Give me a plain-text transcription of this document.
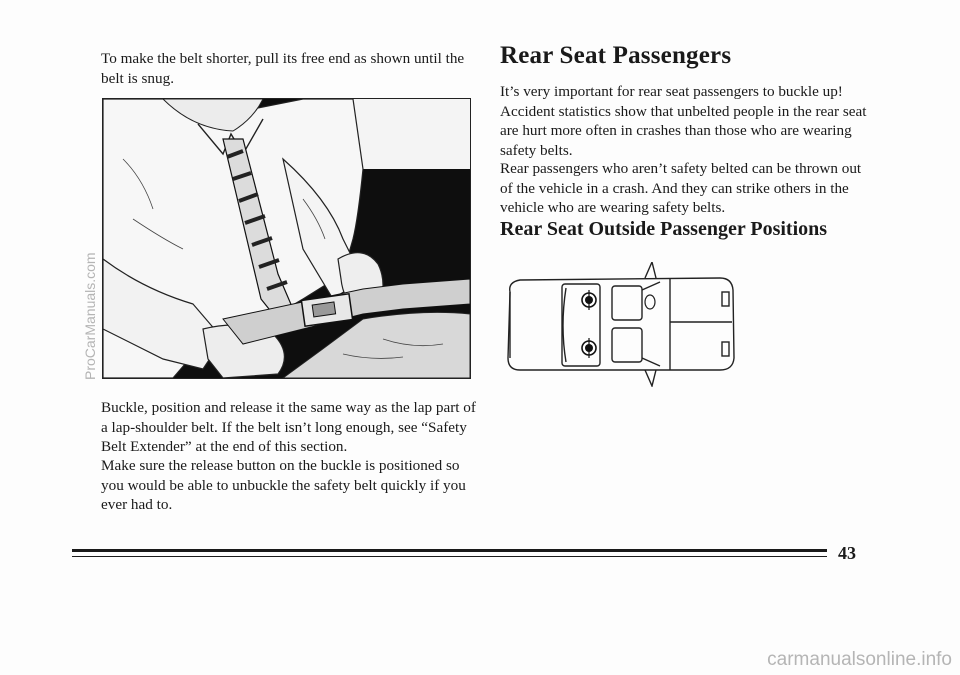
To make the belt shorter, pull its free end as shown until the belt is snug.

Buckle, position and release it the same way as the lap part of a lap-shoulder belt. If the belt isn’t long enough, see “Safety Belt Extender” at the end of this section.

Make sure the release button on the buckle is positioned so you would be able to unbuckle the safety belt quickly if you ever had to.

Rear Seat Passengers

It’s very important for rear seat passengers to buckle up! Accident statistics show that unbelted people in the rear seat are hurt more often in crashes than those who are wearing safety belts.

Rear passengers who aren’t safety belted can be thrown out of the vehicle in a crash. And they can strike others in the vehicle who are wearing safety belts.

Rear Seat Outside Passenger Positions
43
ProCarManuals.com
carmanualsonline.info
